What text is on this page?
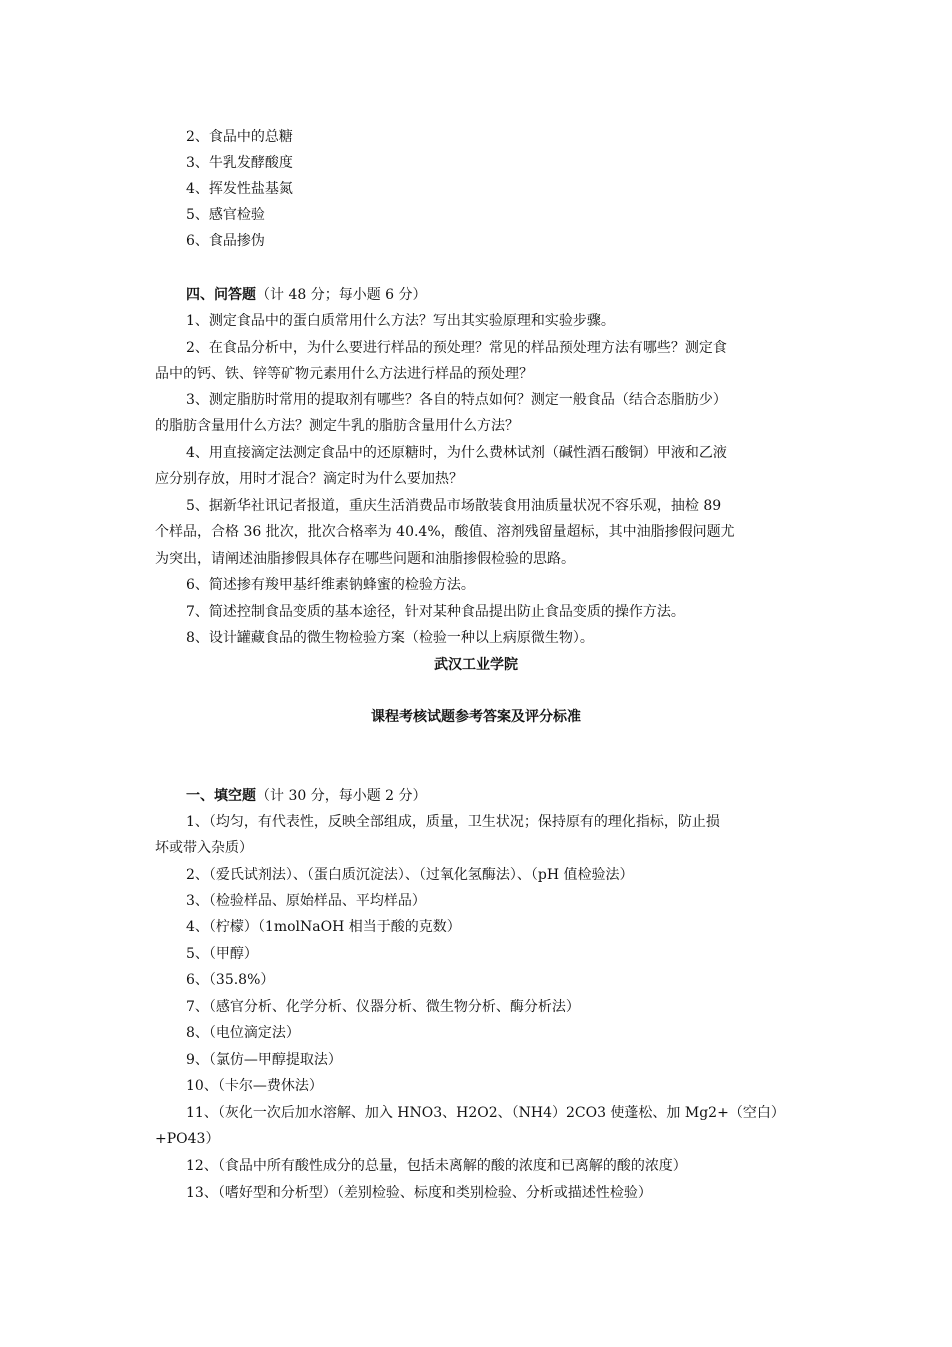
2、食品中的总糖
3、牛乳发酵酸度
4、挥发性盐基氮
5、感官检验
6、食品掺伪
四、问答题（计 48 分；每小题 6 分）
1、测定食品中的蛋白质常用什么方法？写出其实验原理和实验步骤。
2、在食品分析中，为什么要进行样品的预处理？常见的样品预处理方法有哪些？测定食
品中的钙、铁、锌等矿物元素用什么方法进行样品的预处理？
3、测定脂肪时常用的提取剂有哪些？各自的特点如何？测定一般食品（结合态脂肪少）
的脂肪含量用什么方法？测定牛乳的脂肪含量用什么方法？
4、用直接滴定法测定食品中的还原糖时，为什么费林试剂（碱性酒石酸铜）甲液和乙液
应分别存放，用时才混合？滴定时为什么要加热？
5、据新华社讯记者报道，重庆生活消费品市场散装食用油质量状况不容乐观，抽检 89
个样品，合格 36 批次，批次合格率为 40.4%，酸值、溶剂残留量超标，其中油脂掺假问题尤
为突出，请阐述油脂掺假具体存在哪些问题和油脂掺假检验的思路。
6、简述掺有羧甲基纤维素钠蜂蜜的检验方法。
7、简述控制食品变质的基本途径，针对某种食品提出防止食品变质的操作方法。
8、设计罐藏食品的微生物检验方案（检验一种以上病原微生物）。
武汉工业学院
课程考核试题参考答案及评分标准
一、填空题（计 30 分，每小题 2 分）
1、（均匀，有代表性，反映全部组成，质量，卫生状况；保持原有的理化指标，防止损
坏或带入杂质）
2、（爱氏试剂法）、（蛋白质沉淀法）、（过氧化氢酶法）、（pH 值检验法）
3、（检验样品、原始样品、平均样品）
4、（柠檬）（1molNaOH 相当于酸的克数）
5、（甲醇）
6、（35.8%）
7、（感官分析、化学分析、仪器分析、微生物分析、酶分析法）
8、（电位滴定法）
9、（氯仿—甲醇提取法）
10、（卡尔—费休法）
11、（灰化一次后加水溶解、加入 HNO3、H2O2、（NH4）2CO3 使蓬松、加 Mg2+（空白）
+PO43）
12、（食品中所有酸性成分的总量，包括未离解的酸的浓度和已离解的酸的浓度）
13、（嗜好型和分析型）（差别检验、标度和类别检验、分析或描述性检验）
